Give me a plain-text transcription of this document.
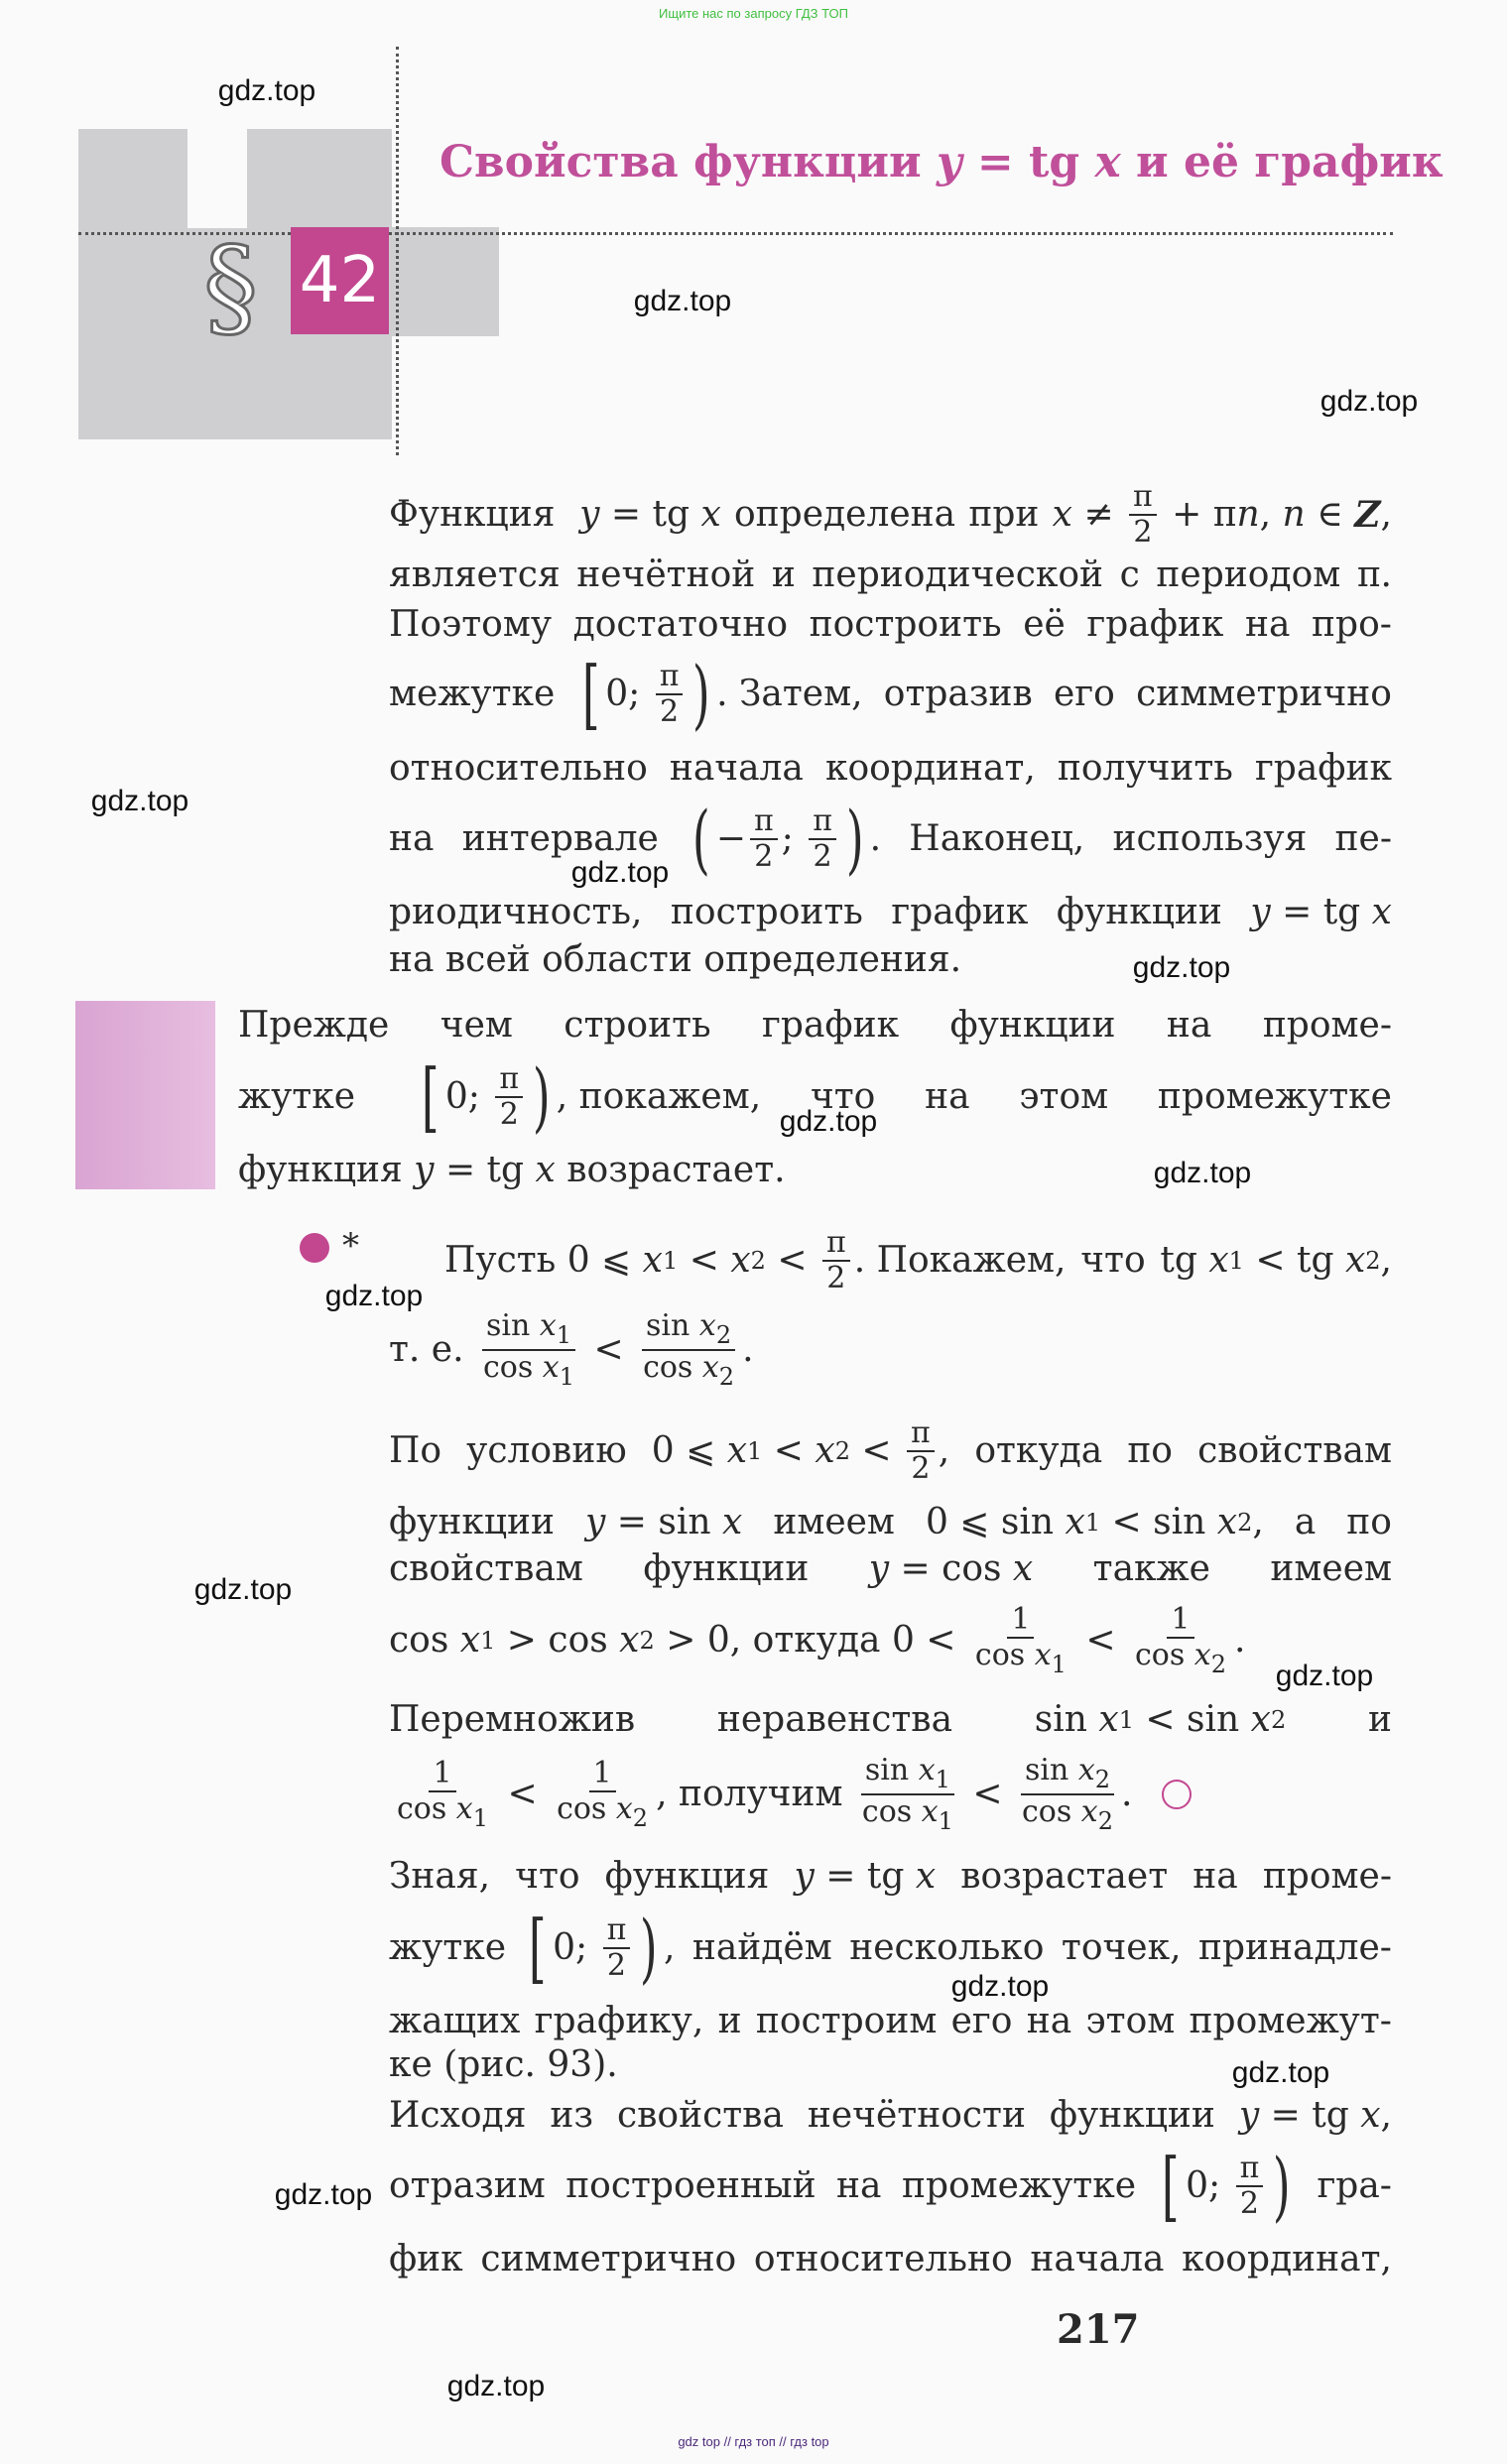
Ищите нас по запросу ГДЗ ТОП
§ 42
Свойства функции y = tg x и её график
*
Функция y = tg x определена при $x \ne \frac{\pi}{2} + \pi$ n , n ∈ Z ,
является нечётной и периодической с периодом π.
Поэтому достаточно построить её график на про-
межутке [ 0; $\frac{\pi}{2}$ ) . Затем, отразив его симметрично
относительно начала координат, получить график
на интервале ( − $\frac{\pi}{2}$ ; $\frac{\pi}{2}$ ) . Наконец, используя пе-
риодичность, построить график функции y = tg x
на всей области определения.
Прежде чем строить график функции на проме-
жутке [ 0; $\frac{\pi}{2}$ ) , покажем, что на этом промежутке
функция y = tg x возрастает.
Пусть 0 ⩽ x 1 < x $2 < \frac{\pi}{2}$ . Покажем, что tg x 1 < tg x 2 ,
т. е. $\frac{\sin x_1}{\cos x_1} < \frac{\sin x_2}{\cos x_2}$ .
По условию 0 ⩽ x 1 < x $2 < \frac{\pi}{2}$ , откуда по свойствам
функции y = sin x имеем 0 ⩽ sin x 1 < sin x 2 , а по
свойствам функции y = cos x также имеем
cos x 1 > cos x 2 > 0, откуда $0 < \frac{1}{\cos x_1} < \frac{1}{\cos x_2}$ .
Перемножив неравенства sin x 1 < sin x 2 и
$\frac{1}{\cos x_1} < \frac{1}{\cos x_2}$ , получим $\frac{\sin x_1}{\cos x_1} < \frac{\sin x_2}{\cos x_2}$ .
Зная, что функция y = tg x возрастает на проме-
жутке [ 0; $\frac{\pi}{2}$ ) , найдём несколько точек, принадле-
жащих графику, и построим его на этом промежут-
ке (рис. 93).
Исходя из свойства нечётности функции y = tg x ,
отразим построенный на промежутке [ 0; $\frac{\pi}{2}$ ) гра-
фик симметрично относительно начала координат,
217
gdz.top
gdz.top
gdz.top
gdz.top
gdz.top
gdz.top
gdz.top
gdz.top
gdz.top
gdz.top
gdz.top
gdz.top
gdz.top
gdz.top
gdz.top
gdz top // гдз топ // гдз top
